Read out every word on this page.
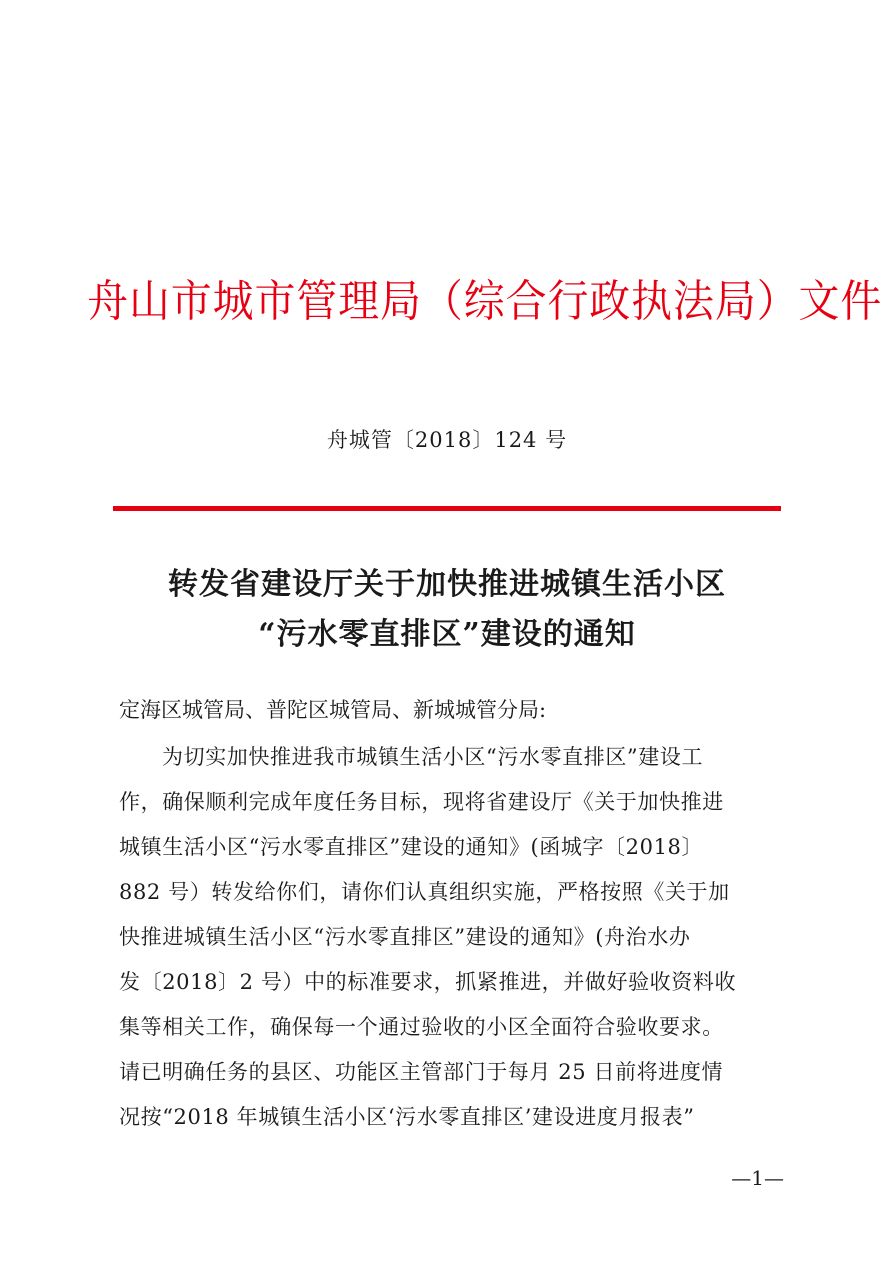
舟山市城市管理局（综合行政执法局）文件
舟城管〔2018〕124 号
转发省建设厅关于加快推进城镇生活小区
“污水零直排区”建设的通知
定海区城管局、普陀区城管局、新城城管分局:
为切实加快推进我市城镇生活小区“污水零直排区”建设工
作，确保顺利完成年度任务目标，现将省建设厅《关于加快推进
城镇生活小区“污水零直排区”建设的通知》(函城字〔2018〕
882 号）转发给你们，请你们认真组织实施，严格按照《关于加
快推进城镇生活小区“污水零直排区”建设的通知》(舟治水办
发〔2018〕2 号）中的标准要求，抓紧推进，并做好验收资料收
集等相关工作，确保每一个通过验收的小区全面符合验收要求。
请已明确任务的县区、功能区主管部门于每月 25 日前将进度情
况按“2018 年城镇生活小区‘污水零直排区’建设进度月报表”
—1—
